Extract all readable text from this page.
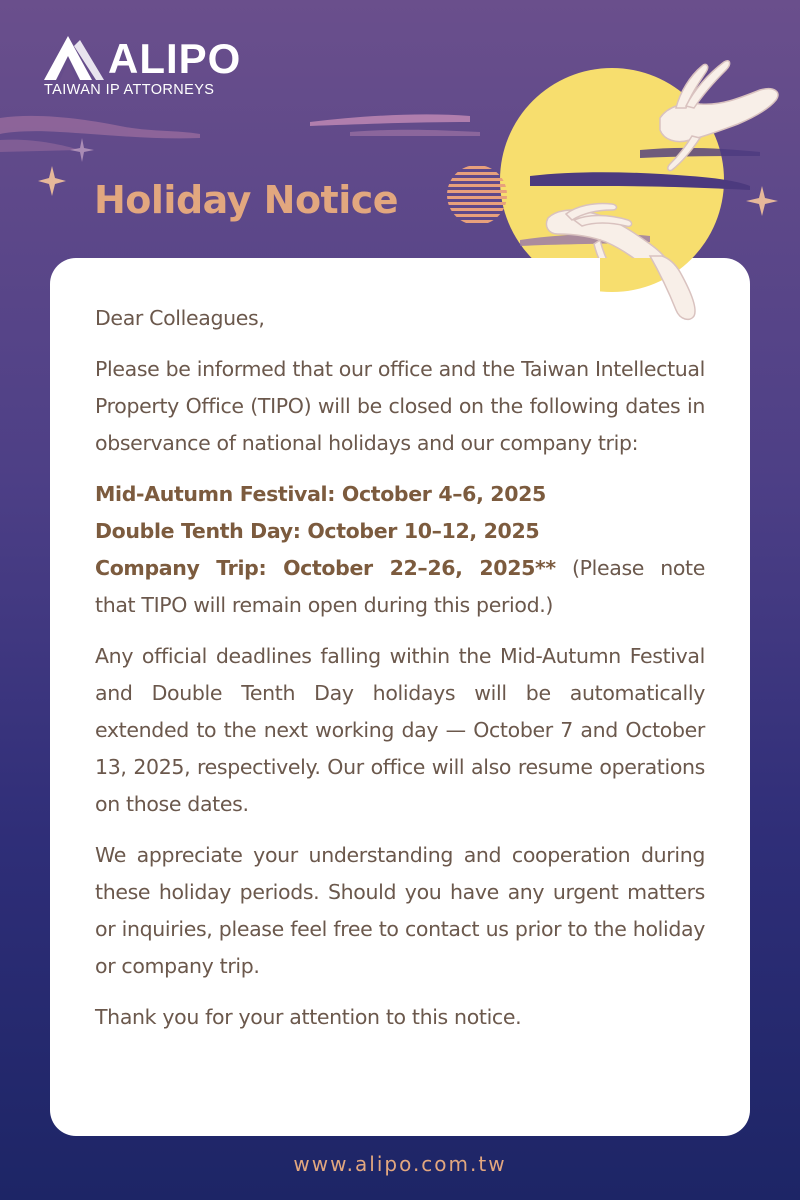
ALIPO
TAIWAN IP ATTORNEYS
Holiday Notice

Dear Colleagues,

Please be informed that our office and the Taiwan Intellectual Property Office (TIPO) will be closed on the following dates in observance of national holidays and our company trip:

Mid-Autumn Festival: October 4–6, 2025
Double Tenth Day: October 10–12, 2025
Company Trip: October 22–26, 2025** (Please note
that TIPO will remain open during this period.)

Any official deadlines falling within the Mid-Autumn Festival and Double Tenth Day holidays will be automatically extended to the next working day — October 7 and October 13, 2025, respectively. Our office will also resume operations on those dates.

We appreciate your understanding and cooperation during these holiday periods. Should you have any urgent matters or inquiries, please feel free to contact us prior to the holiday or company trip.

Thank you for your attention to this notice.

www.alipo.com.tw
